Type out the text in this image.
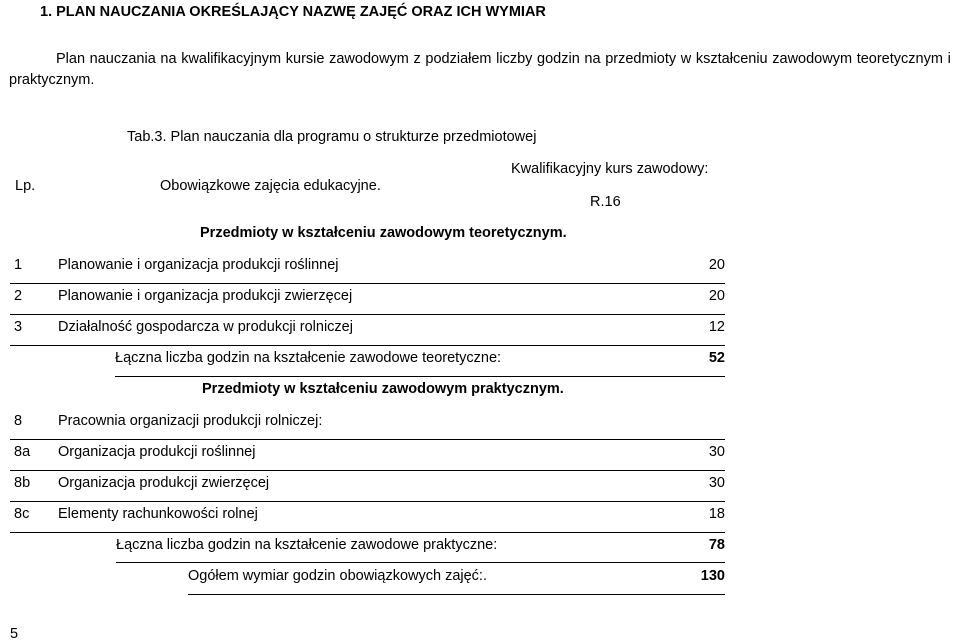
1. PLAN NAUCZANIA OKREŚLAJĄCY NAZWĘ ZAJĘĆ ORAZ ICH WYMIAR
Plan nauczania na kwalifikacyjnym kursie zawodowym z podziałem liczby godzin na przedmioty w kształceniu zawodowym teoretycznym i
praktycznym.
Tab.3. Plan nauczania dla programu o strukturze przedmiotowej
Lp.	Obowiązkowe zajęcia edukacyjne.
Kwalifikacyjny kurs zawodowy:
R.16
Przedmioty w kształceniu zawodowym teoretycznym.
1 Planowanie i organizacja produkcji roślinnej	20
2 Planowanie i organizacja produkcji zwierzęcej	20
3 Działalność gospodarcza w produkcji rolniczej	12
Łączna liczba godzin na kształcenie zawodowe teoretyczne:	52
Przedmioty w kształceniu zawodowym praktycznym.
8 Pracownia organizacji produkcji rolniczej:
8a Organizacja produkcji roślinnej	30
8b Organizacja produkcji zwierzęcej	30
8c Elementy rachunkowości rolnej	18
Łączna liczba godzin na kształcenie zawodowe praktyczne:	78
Ogółem wymiar godzin obowiązkowych zajęć:.	130
5
